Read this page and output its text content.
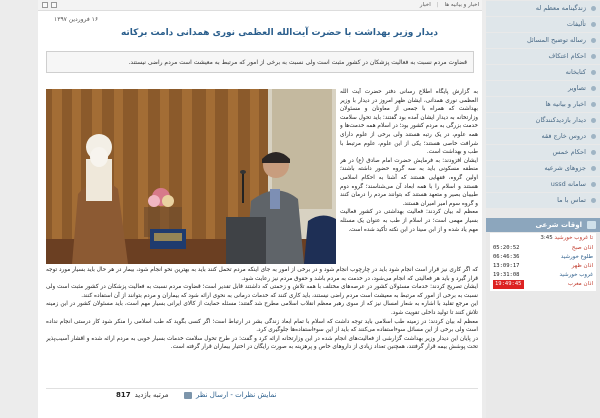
اخبار و بیانیه ها
|
اخبار
۱۶ فروردین ۱۳۹۷
دیدار وزیر بهداشت با حضرت آیت‌الله العظمی نوری همدانی دامت برکاته
قضاوت مردم نسبت به فعالیت پزشکان در کشور مثبت است ولی نسبت به برخی از امور که مرتبط به معیشت است مردم راضی نیستند.

به گزارش پایگاه اطلاع رسانی دفتر حضرت آیت الله العظمی نوری همدانی، ایشان ظهر امروز در دیدار با وزیر بهداشت که همراه با جمعی از معاونان و مسئولان وزارتخانه به دیدار ایشان آمده بود گفتند: باید تحول سلامت خدمت بزرگی به مردم کشور بود؛ در اسلام همه خدمت‌ها و همه علوم، در یک رتبه هستند ولی برخی از علوم دارای شرافت خاصی هستند؛ یکی از این علوم، علوم مرتبط با طب و بهداشت است.

ایشان افزودند: به فرمایش حضرت امام صادق (ع) در هر منطقه مسکونی باید به سه گروه حضور داشته باشند؛ اولین گروه، فقهایی هستند که آشنا به احکام اسلامی هستند و اسلام را با همه ابعاد آن می‌شناسند؛ گروه دوم طبیبان بصیر و متعهد هستند که بتوانند مردم را درمان کنند و گروه سوم امیر امیران هستند.

معظم له بیان کردند: فعالیت بهداشتی در کشور فعالیت بسیار مهمی است؛ در اسلام از طب به عنوان یک مسئله مهم یاد شده و از ابن سینا در این نکته تأکید شده است.

که اگر کاری نیز قرار است انجام شود باید در چارچوب انجام شود و در برخی از امور به جای اینکه مردم تحمل کنند باید به بهترین نحو انجام شود، بیمار در هر حال باید بسیار مورد توجه قرار گیرد و باید هر فعالیتی که انجام می‌شود، در خدمت به مردم باشد و حقوق مردم نیز رعایت شود.

ایشان تصریح کردند: خدمات مسئولان کشور در عرصه‌های مختلف با همه تلاش و زحمتی که داشتند قابل تقدیر است؛ قضاوت مردم نسبت به فعالیت پزشکان در کشور مثبت است ولی نسبت به برخی از امور که مرتبط به معیشت است مردم راضی نیستند، باید کاری کنند که خدمات درمانی به نحوی ارائه شود که بیماران و مردم بتوانند از آن استفاده کنند.

این مرجع تقلید با اشاره به شعار امسال نیز که از سوی رهبر معظم انقلاب اسلامی مطرح شد گفتند: مسئله حمایت از کالای ایرانی بسیار مهم است، باید مسئولان کشور در این زمینه تلاش کنند تا تولید داخلی تقویت شود.

معظم له بیان کردند: در زمینه طب اسلامی باید توجه داشت که اسلام با تمام ابعاد زندگی بشر در ارتباط است؛ اگر کسی بگوید که طب اسلامی را منکر شود کار درستی انجام نداده است ولی برخی از این مسائل سوءاستفاده می‌کنند که باید از این سوءاستفاده‌ها جلوگیری کرد.

در پایان این دیدار وزیر بهداشت گزارشی از فعالیت‌های انجام شده در این وزارتخانه ارائه کرد و گفت: در طرح تحول سلامت خدمات بسیار خوبی به مردم ارائه شده و اقشار آسیب‌پذیر تحت پوشش بیمه قرار گرفتند، همچنین تعداد زیادی از داروهای خاص و پرهزینه به صورت رایگان در اختیار بیماران قرار گرفته است.

نمایش نظرات - ارسال نظر
مرتبه بازدید
817
زندگینامه معظم له
تألیفات
رساله توضیح المسائل
احکام اعتکاف
کتابخانه
تصاویر
اخبار و بیانیه ها
دیدار بازدیدکنندگان
دروس خارج فقه
احکام خمس
جزوهای شرعیه
سامانه ussd
تماس با ما
اوقات شرعی
تا غروب خورشید 3:45
05:20:52	اذان صبح
06:46:36	طلوع خورشید
13:09:17	اذان ظهر
19:31:08	غروب خورشید
19:49:45	اذان مغرب
